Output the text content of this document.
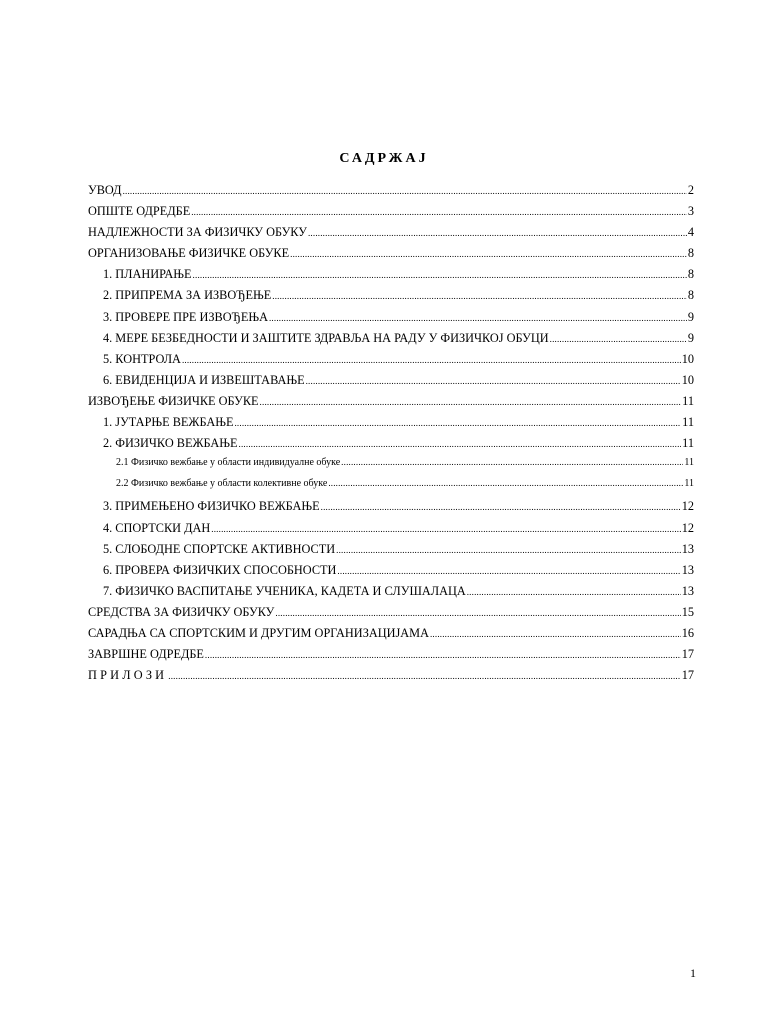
САДРЖАЈ
УВОД .....	2
ОПШТЕ ОДРЕДБЕ .....	3
НАДЛЕЖНОСТИ ЗА ФИЗИЧКУ ОБУКУ .....	4
ОРГАНИЗОВАЊЕ ФИЗИЧКЕ ОБУКЕ .....	8
1. ПЛАНИРАЊЕ .....	8
2. ПРИПРЕМА ЗА ИЗВОЂЕЊЕ .....	8
3. ПРОВЕРЕ ПРЕ ИЗВОЂЕЊА .....	9
4. МЕРЕ БЕЗБЕДНОСТИ И ЗАШТИТЕ ЗДРАВЉА НА РАДУ У ФИЗИЧКОЈ ОБУЦИ .....	9
5. КОНТРОЛА .....	10
6. ЕВИДЕНЦИЈА И ИЗВЕШТАВАЊЕ .....	10
ИЗВОЂЕЊЕ ФИЗИЧКЕ ОБУКЕ .....	11
1. ЈУТАРЊЕ ВЕЖБАЊЕ .....	11
2. ФИЗИЧКО ВЕЖБАЊЕ .....	11
2.1 Физичко вежбање у области индивидуалне обуке .....	11
2.2 Физичко вежбање у области колективне обуке .....	11
3. ПРИМЕЊЕНО ФИЗИЧКО ВЕЖБАЊЕ .....	12
4. СПОРТСКИ ДАН .....	12
5. СЛОБОДНЕ СПОРТСКЕ АКТИВНОСТИ .....	13
6. ПРОВЕРА ФИЗИЧКИХ СПОСОБНОСТИ .....	13
7. ФИЗИЧКО ВАСПИТАЊЕ УЧЕНИКА, КАДЕТА И СЛУШАЛАЦА .....	13
СРЕДСТВА ЗА ФИЗИЧКУ ОБУКУ .....	15
САРАДЊА СА СПОРТСКИМ И ДРУГИМ ОРГАНИЗАЦИЈАМА .....	16
ЗАВРШНЕ ОДРЕДБЕ .....	17
ПРИЛОЗИ .....	17
1
